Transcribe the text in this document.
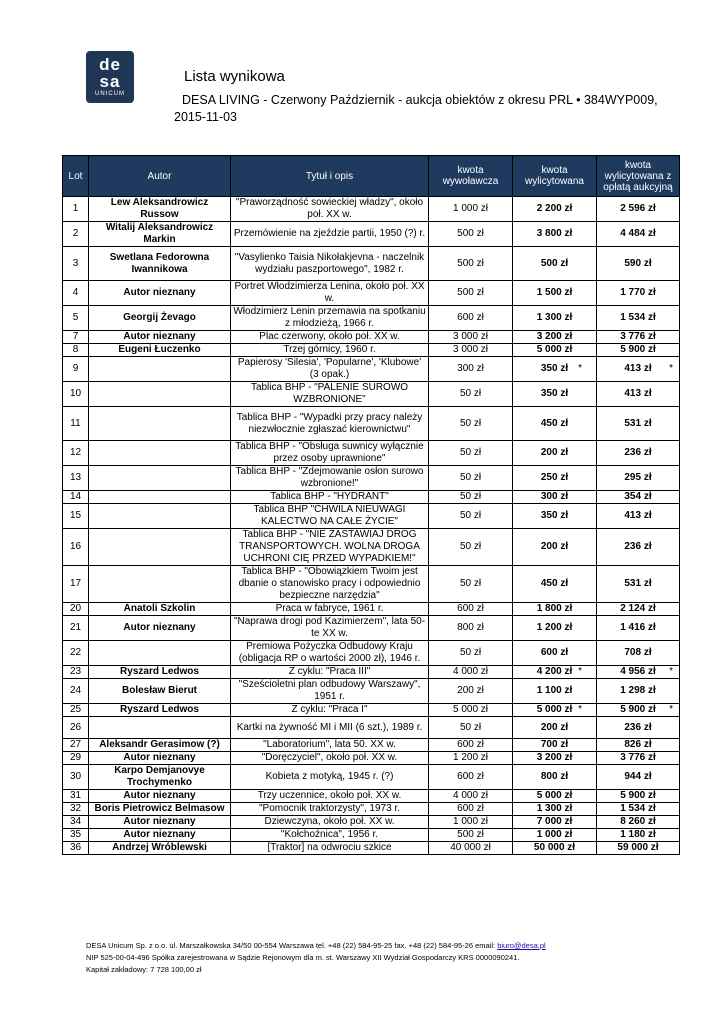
de sa
UNICUM
Lista wynikowa
DESA LIVING - Czerwony Październik - aukcja obiektów z okresu PRL • 384WYP009, 2015-11-03
Lot	Autor	Tytuł i opis	kwota wywoławcza	kwota wylicytowana	kwota wylicytowana z opłatą aukcyjną
1	Lew Aleksandrowicz Russow	"Praworządność sowieckiej władzy", około poł. XX w.	1 000 zł	2 200 zł	2 596 zł
2	Witalij Aleksandrowicz Markin	Przemówienie na zjeździe partii, 1950 (?) r.	500 zł	3 800 zł	4 484 zł
3	Swetlana Fedorowna Iwannikowa	"Vasylienko Taisia Nikołakjevna - naczelnik wydziału paszportowego", 1982 r.	500 zł	500 zł	590 zł
4	Autor nieznany	Portret Włodzimierza Lenina, około poł. XX w.	500 zł	1 500 zł	1 770 zł
5	Georgij Żevago	Włodzimierz Lenin przemawia na spotkaniu z młodzieżą, 1966 r.	600 zł	1 300 zł	1 534 zł
7	Autor nieznany	Plac czerwony, około poł. XX w.	3 000 zł	3 200 zł	3 776 zł
8	Eugeni Łuczenko	Trzej górnicy, 1960 r.	3 000 zł	5 000 zł	5 900 zł
9		Papierosy 'Silesia', 'Popularne', 'Klubowe' (3 opak.)	300 zł	350 zł *	413 zł *

10		Tablica BHP - "PALENIE SUROWO WZBRONIONE"	50 zł	350 zł	413 zł
11		Tablica BHP - "Wypadki przy pracy należy niezwłocznie zgłaszać kierownictwu"	50 zł	450 zł	531 zł
12		Tablica BHP - "Obsługa suwnicy wyłącznie przez osoby uprawnione"	50 zł	200 zł	236 zł
13		Tablica BHP - "Zdejmowanie osłon surowo wzbronione!"	50 zł	250 zł	295 zł
14		Tablica BHP - "HYDRANT"	50 zł	300 zł	354 zł
15		Tablica BHP "CHWILA NIEUWAGI KALECTWO NA CAŁE ŻYCIE"	50 zł	350 zł	413 zł
16		Tablica BHP - "NIE ZASTAWIAJ DRÓG TRANSPORTOWYCH. WOLNA DROGA UCHRONI CIĘ PRZED WYPADKIEM!"	50 zł	200 zł	236 zł
17		Tablica BHP - "Obowiązkiem Twoim jest dbanie o stanowisko pracy i odpowiednio bezpieczne narzędzia"	50 zł	450 zł	531 zł
20	Anatoli Szkolin	Praca w fabryce, 1961 r.	600 zł	1 800 zł	2 124 zł
21	Autor nieznany	"Naprawa drogi pod Kazimierzem", lata 50-te XX w.	800 zł	1 200 zł	1 416 zł
22		Premiowa Pożyczka Odbudowy Kraju (obligacja RP o wartości 2000 zł), 1946 r.	50 zł	600 zł	708 zł
23	Ryszard Ledwos	Z cyklu: "Praca III"	4 000 zł	4 200 zł *	4 956 zł *

24	Bolesław Bierut	"Sześcioletni plan odbudowy Warszawy", 1951 r.	200 zł	1 100 zł	1 298 zł
25	Ryszard Ledwos	Z cyklu: "Praca I"	5 000 zł	5 000 zł *	5 900 zł *

26		Kartki na żywność MI i MII (6 szt.), 1989 r.	50 zł	200 zł	236 zł
27	Aleksandr Gerasimow (?)	"Laboratorium", lata 50. XX w.	600 zł	700 zł	826 zł
29	Autor nieznany	"Doręczyciel", około poł. XX w.	1 200 zł	3 200 zł	3 776 zł
30	Karpo Demjanovye Trochymenko	Kobieta z motyką, 1945 r. (?)	600 zł	800 zł	944 zł
31	Autor nieznany	Trzy uczennice, około poł. XX w.	4 000 zł	5 000 zł	5 900 zł
32	Boris Pietrowicz Belmasow	"Pomocnik traktorzysty", 1973 r.	600 zł	1 300 zł	1 534 zł
34	Autor nieznany	Dziewczyna, około poł. XX w.	1 000 zł	7 000 zł	8 260 zł
35	Autor nieznany	"Kołchoźnica", 1956 r.	500 zł	1 000 zł	1 180 zł
36	Andrzej Wróblewski	[Traktor] na odwrociu szkice	40 000 zł	50 000 zł	59 000 zł
DESA Unicum Sp. z o.o. ul. Marszałkowska 34/50 00-554 Warszawa tel. +48 (22) 584-95-25 fax. +48 (22) 584-95-26 email: biuro@desa.pl
NIP 525-00-04-496 Spółka zarejestrowana w Sądzie Rejonowym dla m. st. Warszawy XII Wydział Gospodarczy KRS 0000090241.
Kapitał zakładowy: 7 728 100,00 zł
